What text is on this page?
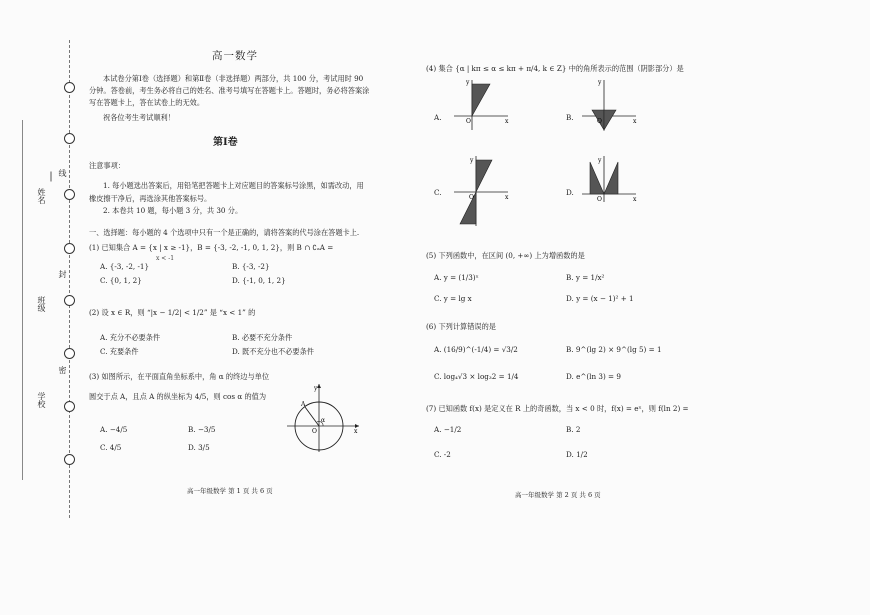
姓名
班级
学校
线
封
密
高一数学
本试卷分第Ⅰ卷（选择题）和第Ⅱ卷（非选择题）两部分，共 100 分，考试用时 90
分钟。答卷前，考生务必将自己的姓名、准考号填写在答题卡上。答题时，务必将答案涂
写在答题卡上，答在试卷上的无效。
祝各位考生考试顺利！
第Ⅰ卷
注意事项：
1. 每小题选出答案后，用铅笔把答题卡上对应题目的答案标号涂黑，如需改动，用
橡皮擦干净后，再选涂其他答案标号。
2. 本卷共 10 题，每小题 3 分，共 30 分。
一、选择题：每小题的 4 个选项中只有一个是正确的，请将答案的代号涂在答题卡上.
(1) 已知集合 A = {x | x ≥ -1}，B = {-3, -2, -1, 0, 1, 2}，则 B ∩ ∁ₐA =
x < -1
A. {-3, -2, -1}	B. {-3, -2}
C. {0, 1, 2}	D. {-1, 0, 1, 2}
(2) 设 x ∈ R，则 “|x − 1/2| < 1/2” 是 “x < 1” 的
A. 充分不必要条件	B. 必要不充分条件
C. 充要条件	D. 既不充分也不必要条件
(3) 如图所示，在平面直角坐标系中，角 α 的终边与单位
圆交于点 A，且点 A 的纵坐标为 4/5，则 cos α 的值为
A. −4/5	B. −3/5
C. 4/5	D. 3/5
y
x
O
α
A
高一年级数学 第 1 页 共 6 页
(4) 集合 {α | kπ ≤ α ≤ kπ + π/4, k ∈ Z} 中的角所表示的范围（阴影部分）是
A.	B.
C.	D.
y
x
O
y
x
O
y
x
O
y
x
O
(5) 下列函数中，在区间 (0, +∞) 上为增函数的是
A. y = (1/3)ˣ	B. y = 1/x²
C. y = lg x	D. y = (x − 1)² + 1
(6) 下列计算错误的是
A. (16/9)^(-1/4) = √3/2	B. 9^(lg 2) × 9^(lg 5) = 1
C. log₄√3 × log₃2 = 1/4	D. e^(ln 3) = 9
(7) 已知函数 f(x) 是定义在 R 上的奇函数，当 x < 0 时，f(x) = eˣ，则 f(ln 2) =
A. −1/2	B. 2
C. -2	D. 1/2
高一年级数学 第 2 页 共 6 页
